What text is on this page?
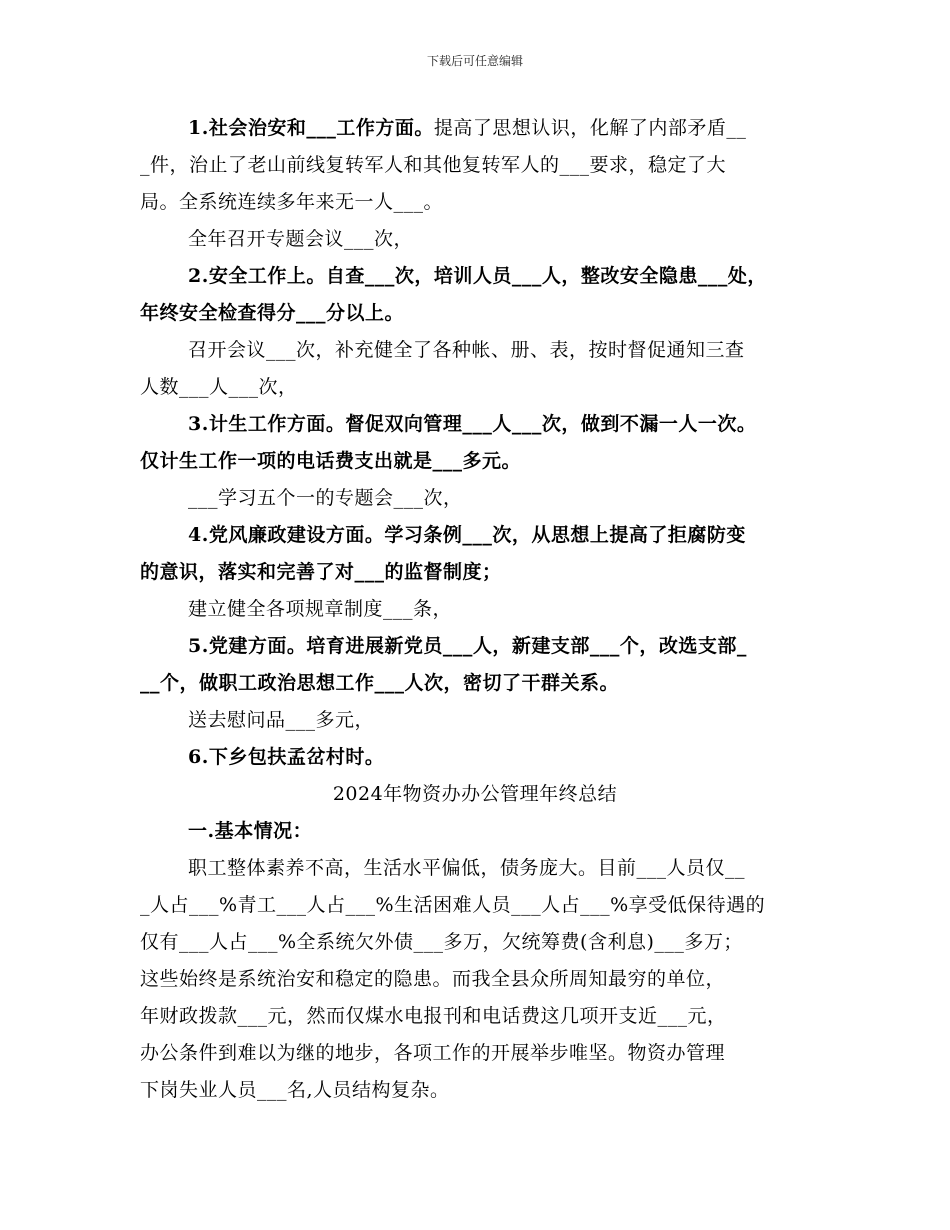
下载后可任意编辑
1.社会治安和___工作方面。提高了思想认识，化解了内部矛盾__
_件，治止了老山前线复转军人和其他复转军人的___要求，稳定了大
局。全系统连续多年来无一人___。
全年召开专题会议___次，
2.安全工作上。自查___次，培训人员___人，整改安全隐患___处，
年终安全检查得分___分以上。
召开会议___次，补充健全了各种帐、册、表，按时督促通知三查
人数___人___次，
3.计生工作方面。督促双向管理___人___次，做到不漏一人一次。
仅计生工作一项的电话费支出就是___多元。
___学习五个一的专题会___次，
4.党风廉政建设方面。学习条例___次，从思想上提高了拒腐防变
的意识，落实和完善了对___的监督制度；
建立健全各项规章制度___条，
5.党建方面。培育进展新党员___人，新建支部___个，改选支部_
__个，做职工政治思想工作___人次，密切了干群关系。
送去慰问品___多元，
6.下乡包扶孟岔村时。
2024年物资办办公管理年终总结
一.基本情况：
职工整体素养不高，生活水平偏低，债务庞大。目前___人员仅__
_人占___%青工___人占___%生活困难人员___人占___%享受低保待遇的
仅有___人占___%全系统欠外债___多万，欠统筹费(含利息)___多万；
这些始终是系统治安和稳定的隐患。而我全县众所周知最穷的单位，
年财政拨款___元，然而仅煤水电报刊和电话费这几项开支近___元，
办公条件到难以为继的地步，各项工作的开展举步唯坚。物资办管理
下岗失业人员___名,人员结构复杂。
